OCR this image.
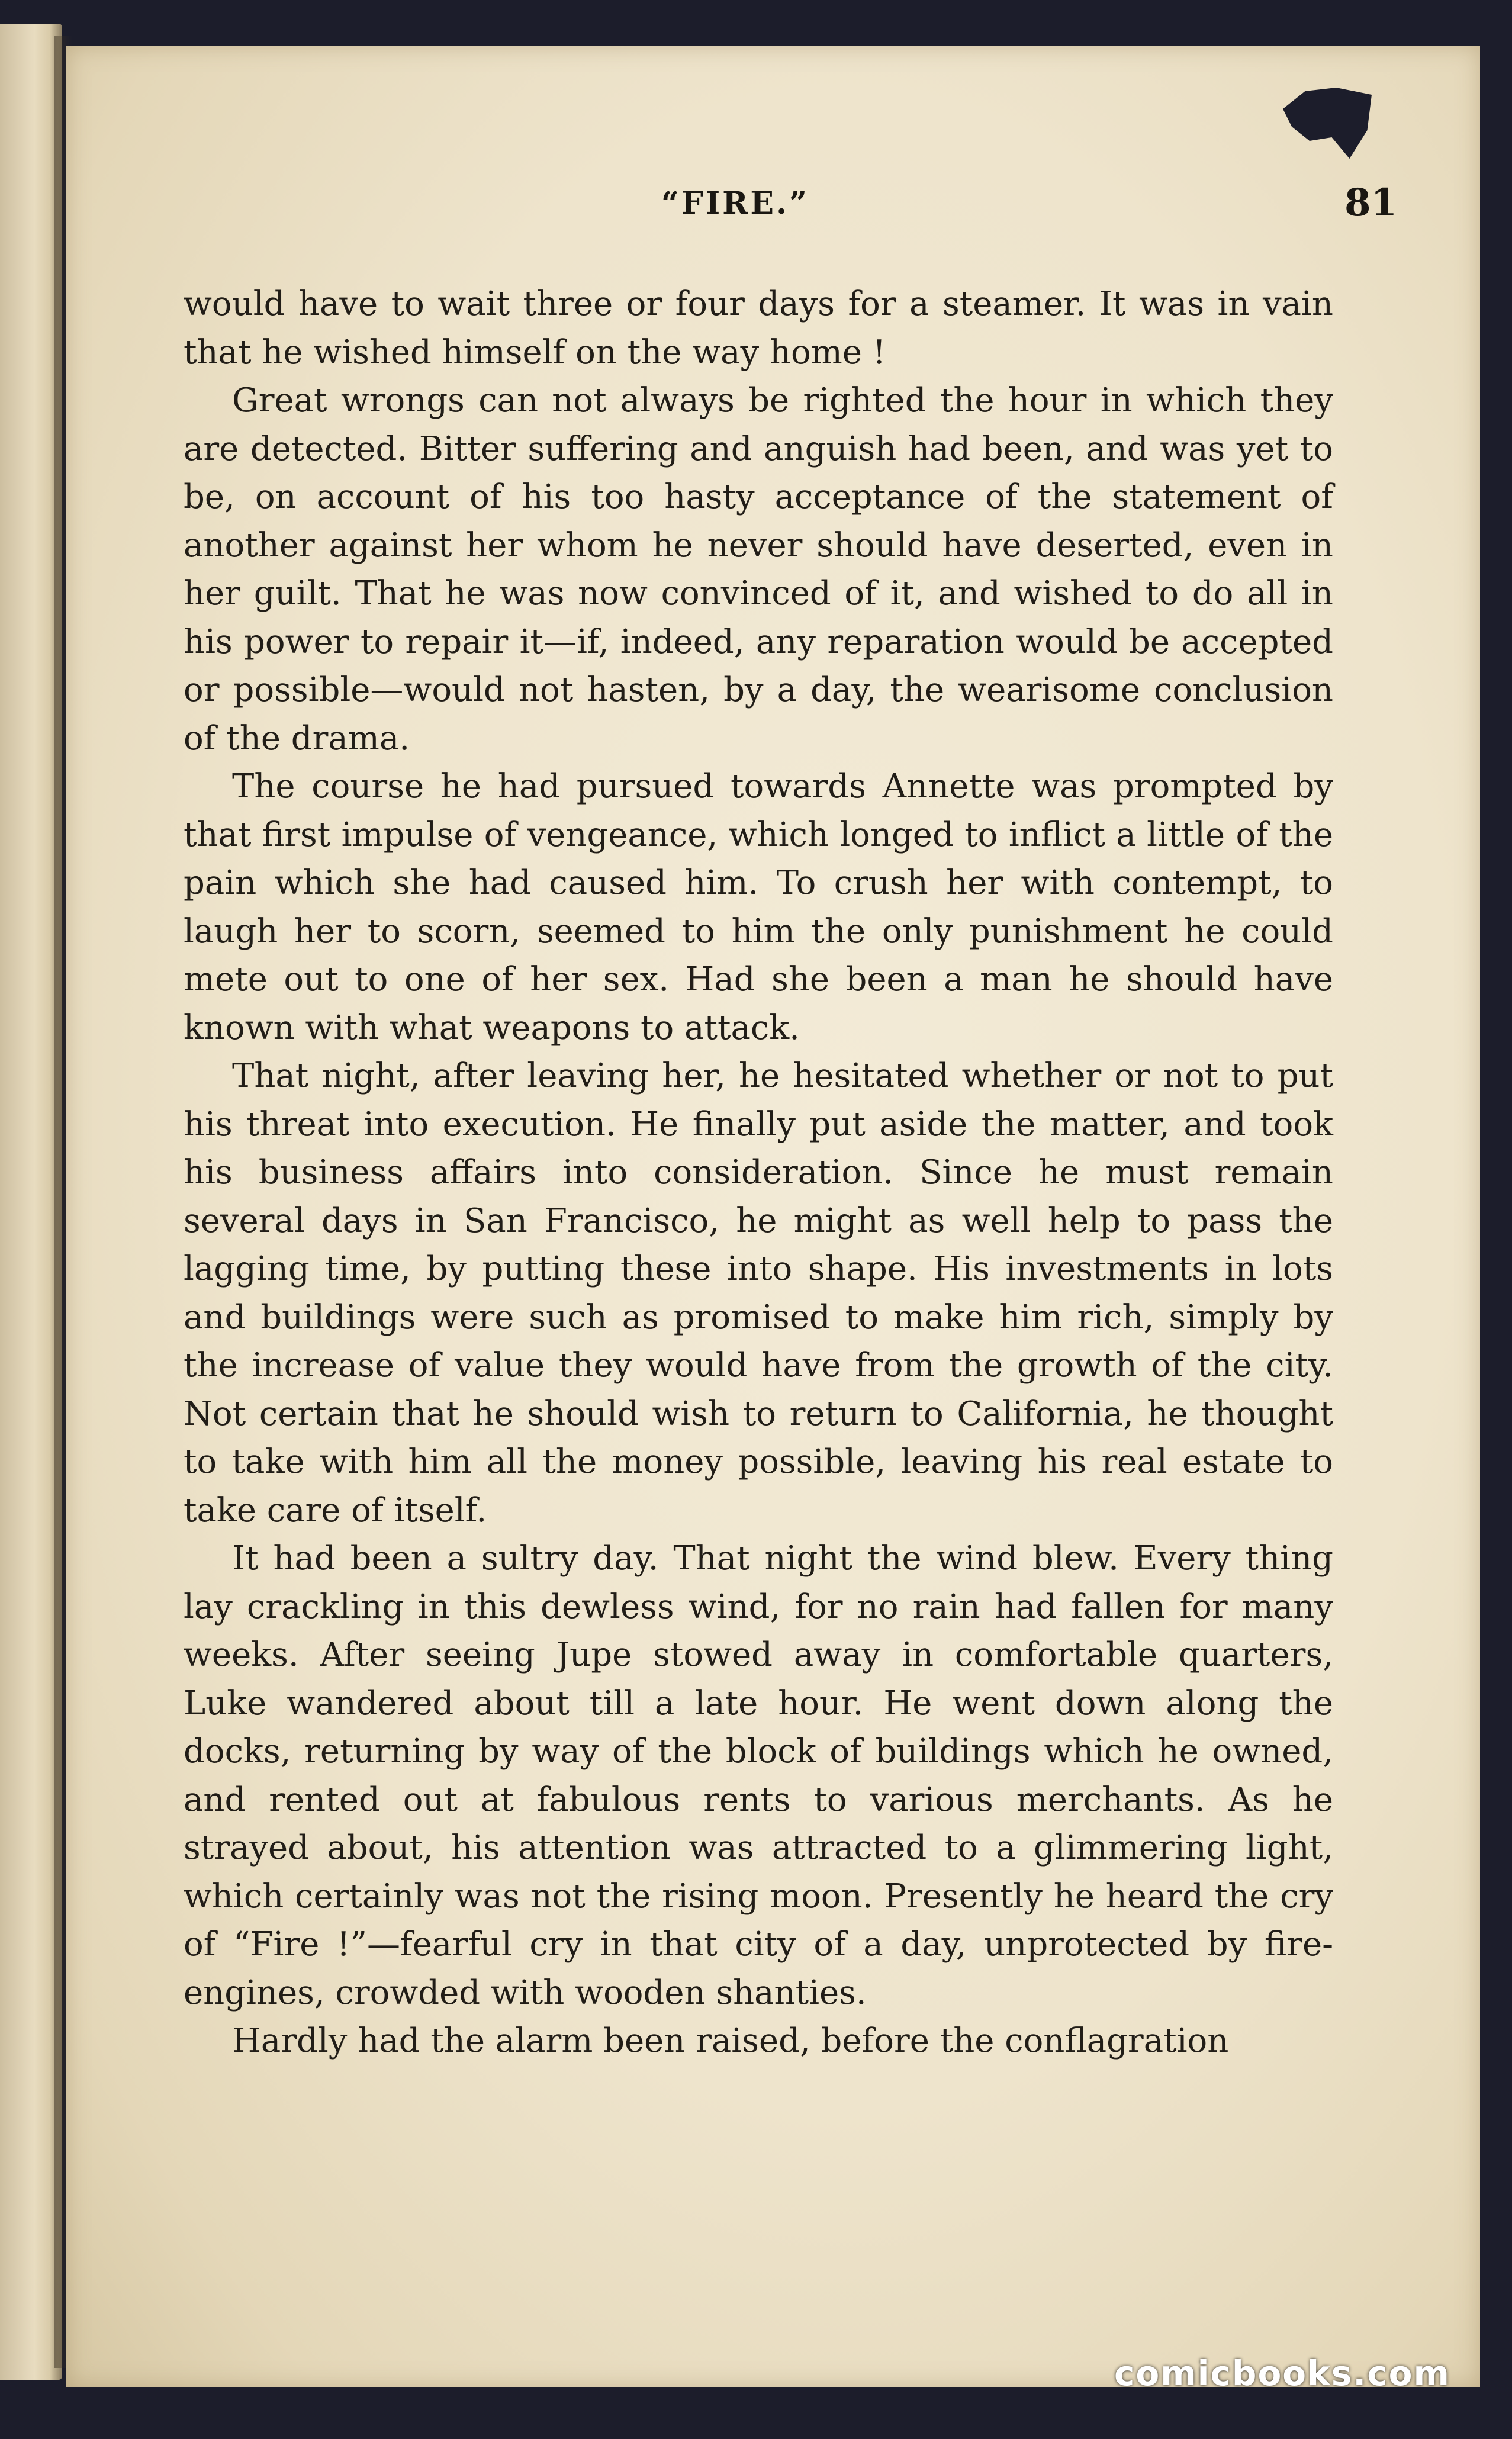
“FIRE.”	81

would have to wait three or four days for a steamer. It was in vain that he wished himself on the way home !

Great wrongs can not always be righted the hour in which they are detected. Bitter suffering and anguish had been, and was yet to be, on account of his too hasty acceptance of the statement of another against her whom he never should have deserted, even in her guilt. That he was now convinced of it, and wished to do all in his power to repair it—if, indeed, any reparation would be accepted or possible—would not hasten, by a day, the wearisome conclusion of the drama.

The course he had pursued towards Annette was prompted by that first impulse of vengeance, which longed to inflict a little of the pain which she had caused him. To crush her with contempt, to laugh her to scorn, seemed to him the only punishment he could mete out to one of her sex. Had she been a man he should have known with what weapons to attack.

That night, after leaving her, he hesitated whether or not to put his threat into execution. He finally put aside the matter, and took his business affairs into consideration. Since he must remain several days in San Francisco, he might as well help to pass the lagging time, by putting these into shape. His investments in lots and buildings were such as promised to make him rich, simply by the increase of value they would have from the growth of the city. Not certain that he should wish to return to California, he thought to take with him all the money possible, leaving his real estate to take care of itself.

It had been a sultry day. That night the wind blew. Every thing lay crackling in this dewless wind, for no rain had fallen for many weeks. After seeing Jupe stowed away in comfortable quarters, Luke wandered about till a late hour. He went down along the docks, returning by way of the block of buildings which he owned, and rented out at fabulous rents to various merchants. As he strayed about, his attention was attracted to a glimmering light, which certainly was not the rising moon. Presently he heard the cry of “Fire !”—fearful cry in that city of a day, unprotected by fire-engines, crowded with wooden shanties.

Hardly had the alarm been raised, before the conflagration

comicbooks.com
